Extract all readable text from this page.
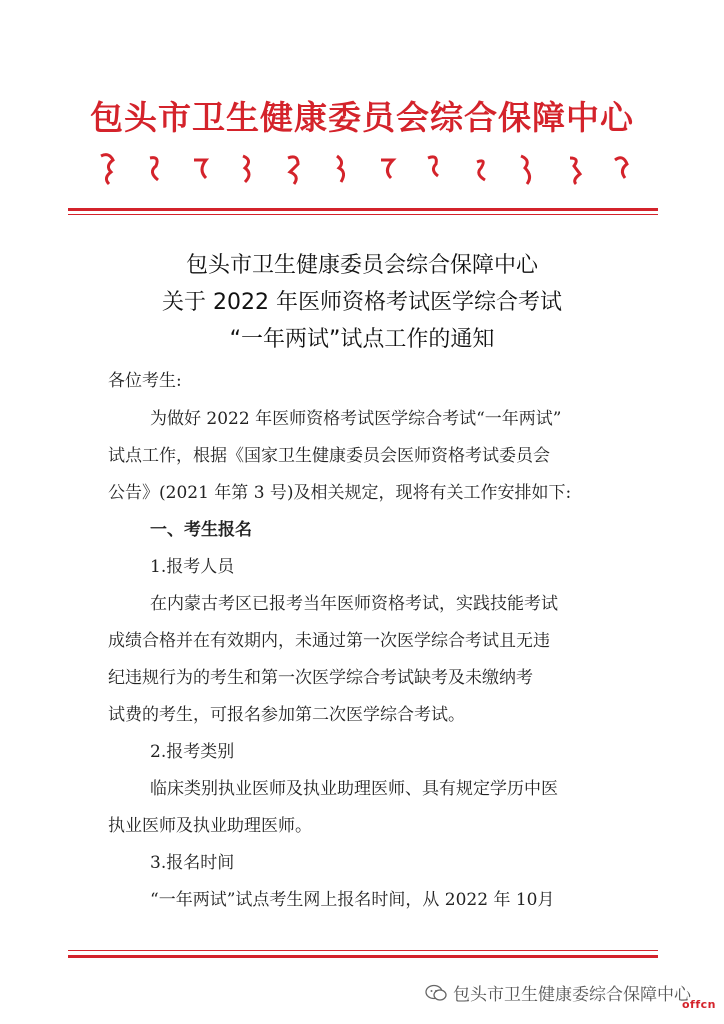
包头市卫生健康委员会综合保障中心
包头市卫生健康委员会综合保障中心
关于 2022 年医师资格考试医学综合考试
“一年两试”试点工作的通知
各位考生:
为做好 2022 年医师资格考试医学综合考试“一年两试”
试点工作，根据《国家卫生健康委员会医师资格考试委员会
公告》(2021 年第 3 号)及相关规定，现将有关工作安排如下:
一、考生报名
1.报考人员
在内蒙古考区已报考当年医师资格考试，实践技能考试
成绩合格并在有效期内，未通过第一次医学综合考试且无违
纪违规行为的考生和第一次医学综合考试缺考及未缴纳考
试费的考生，可报名参加第二次医学综合考试。
2.报考类别
临床类别执业医师及执业助理医师、具有规定学历中医
执业医师及执业助理医师。
3.报名时间
“一年两试”试点考生网上报名时间，从 2022 年 10月
包头市卫生健康委综合保障中心
offcn
